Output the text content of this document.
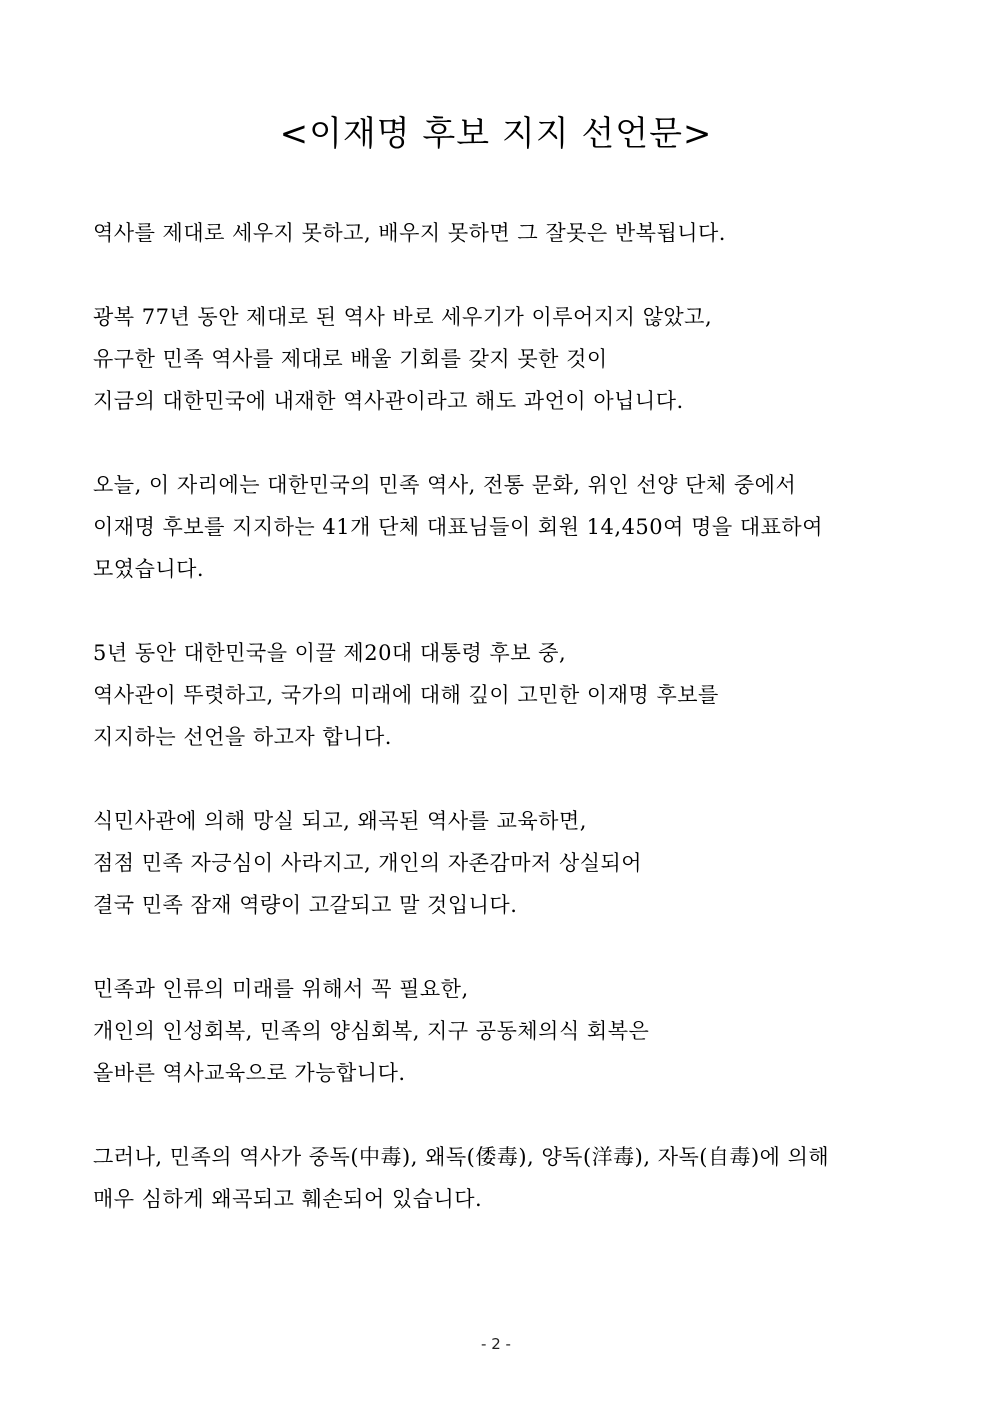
<이재명 후보 지지 선언문>
역사를 제대로 세우지 못하고, 배우지 못하면 그 잘못은 반복됩니다.
광복 77년 동안 제대로 된 역사 바로 세우기가 이루어지지 않았고,
유구한 민족 역사를 제대로 배울 기회를 갖지 못한 것이
지금의 대한민국에 내재한 역사관이라고 해도 과언이 아닙니다.
오늘, 이 자리에는 대한민국의 민족 역사, 전통 문화, 위인 선양 단체 중에서
이재명 후보를 지지하는 41개 단체 대표님들이 회원 14,450여 명을 대표하여
모였습니다.
5년 동안 대한민국을 이끌 제20대 대통령 후보 중,
역사관이 뚜렷하고, 국가의 미래에 대해 깊이 고민한 이재명 후보를
지지하는 선언을 하고자 합니다.
식민사관에 의해 망실 되고, 왜곡된 역사를 교육하면,
점점 민족 자긍심이 사라지고, 개인의 자존감마저 상실되어
결국 민족 잠재 역량이 고갈되고 말 것입니다.
민족과 인류의 미래를 위해서 꼭 필요한,
개인의 인성회복, 민족의 양심회복, 지구 공동체의식 회복은
올바른 역사교육으로 가능합니다.
그러나, 민족의 역사가 중독(中毒), 왜독(倭毒), 양독(洋毒), 자독(自毒)에 의해
매우 심하게 왜곡되고 훼손되어 있습니다.
- 2 -
